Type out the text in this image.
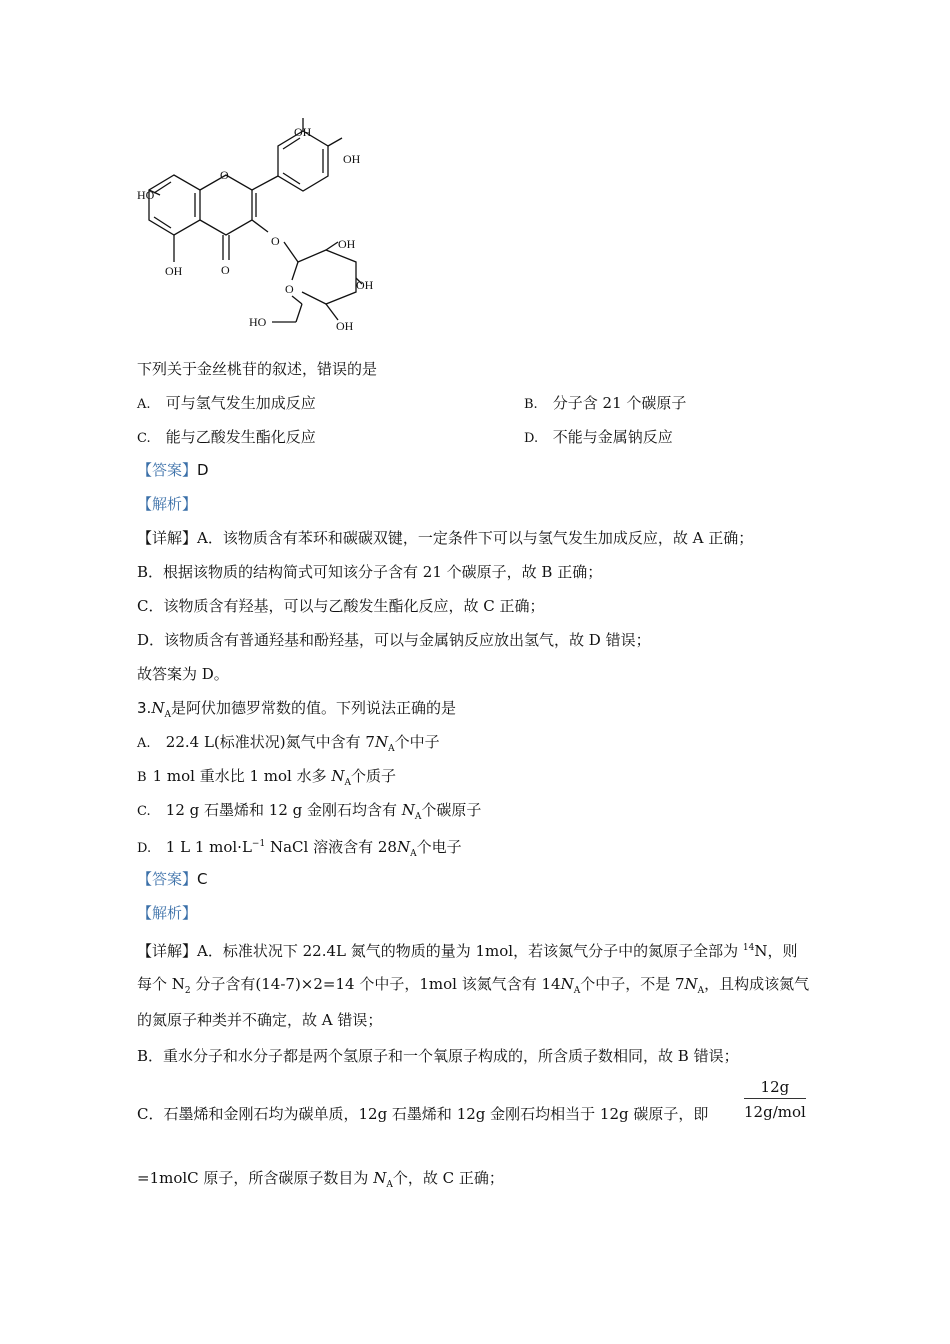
OH
OH
HO
O
OH	O
O	OH
OH
OH
HO
O
下列关于金丝桃苷的叙述，错误的是
A. 可与氢气发生加成反应	B. 分子含 21 个碳原子
C. 能与乙酸发生酯化反应	D. 不能与金属钠反应
【答案】D
【解析】
【详解】A．该物质含有苯环和碳碳双键，一定条件下可以与氢气发生加成反应，故 A 正确；
B．根据该物质的结构简式可知该分子含有 21 个碳原子，故 B 正确；
C．该物质含有羟基，可以与乙酸发生酯化反应，故 C 正确；
D．该物质含有普通羟基和酚羟基，可以与金属钠反应放出氢气，故 D 错误；
故答案为 D。
$3.N_A$是阿伏加德罗常数的值。下列说法正确的是
A. 22.4 L(标准状况)氮气中含有 $7N_A$个中子
B 1 mol 重水比 1 mol 水多 $N_A$个质子
C. 12 g 石墨烯和 12 g 金刚石均含有 $N_A$个碳原子
D. 1 L 1 $mol\cdot L^{-1}$ NaCl 溶液含有 $28N_A$个电子
【答案】C
【解析】
【详解】A．标准状况下 22.4L 氮气的物质的量为 1mol，若该氮气分子中的氮原子全部为 $^{14}$N，则
每个 $N_2$ 分子含有(14-7)×2=14 个中子，1mol 该氮气含有 $14N_A$个中子，不是 $7N_A$，且构成该氮气
的氮原子种类并不确定，故 A 错误；
B．重水分子和水分子都是两个氢原子和一个氧原子构成的，所含质子数相同，故 B 错误；
C．石墨烯和金刚石均为碳单质，12g 石墨烯和 12g 金刚石均相当于 12g 碳原子，即
12g
12g/mol
=1molC 原子，所含碳原子数目为 $N_A$个，故 C 正确；
